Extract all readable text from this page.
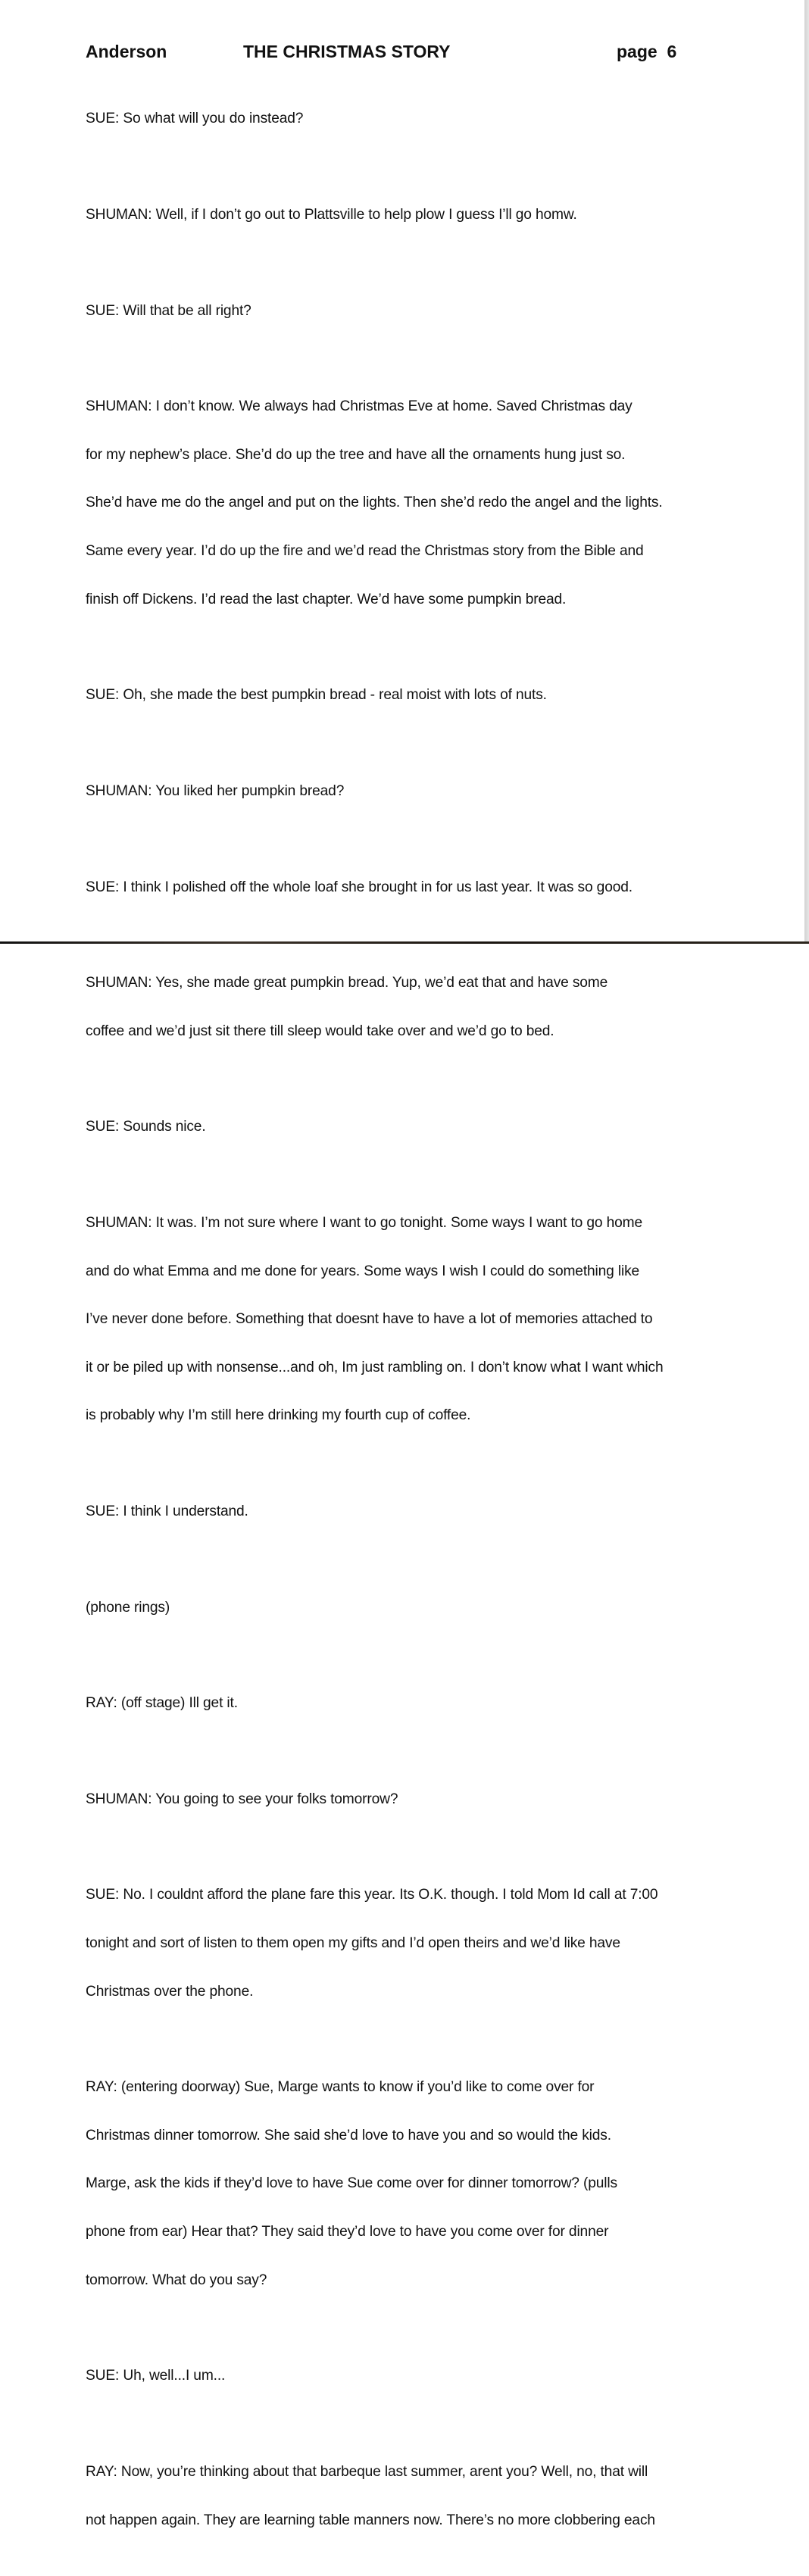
Anderson	THE CHRISTMAS STORY	page  6

SUE: So what will you do instead?

SHUMAN: Well, if I don’t go out to Plattsville to help plow I guess I’ll go homw.

SUE: Will that be all right?

SHUMAN: I don’t know. We always had Christmas Eve at home. Saved Christmas day

for my nephew’s place. She’d do up the tree and have all the ornaments hung just so.

She’d have me do the angel and put on the lights. Then she’d redo the angel and the lights.

Same every year. I’d do up the fire and we’d read the Christmas story from the Bible and

finish off Dickens. I’d read the last chapter. We’d have some pumpkin bread.

SUE: Oh, she made the best pumpkin bread - real moist with lots of nuts.

SHUMAN: You liked her pumpkin bread?

SUE: I think I polished off the whole loaf she brought in for us last year. It was so good.

SHUMAN: Yes, she made great pumpkin bread. Yup, we’d eat that and have some

coffee and we’d just sit there till sleep would take over and we’d go to bed.

SUE: Sounds nice.

SHUMAN: It was. I’m not sure where I want to go tonight. Some ways I want to go home

and do what Emma and me done for years. Some ways I wish I could do something like

I’ve never done before. Something that doesnt have to have a lot of memories attached to

it or be piled up with nonsense...and oh, Im just rambling on. I don’t know what I want which

is probably why I’m still here drinking my fourth cup of coffee.

SUE: I think I understand.

(phone rings)

RAY: (off stage) Ill get it.

SHUMAN: You going to see your folks tomorrow?

SUE: No. I couldnt afford the plane fare this year. Its O.K. though. I told Mom Id call at 7:00

tonight and sort of listen to them open my gifts and I’d open theirs and we’d like have

Christmas over the phone.

RAY: (entering doorway) Sue, Marge wants to know if you’d like to come over for

Christmas dinner tomorrow. She said she’d love to have you and so would the kids.

Marge, ask the kids if they’d love to have Sue come over for dinner tomorrow? (pulls

phone from ear) Hear that? They said they’d love to have you come over for dinner

tomorrow. What do you say?

SUE: Uh, well...I um...

RAY: Now, you’re thinking about that barbeque last summer, arent you? Well, no, that will

not happen again. They are learning table manners now. There’s no more clobbering each
